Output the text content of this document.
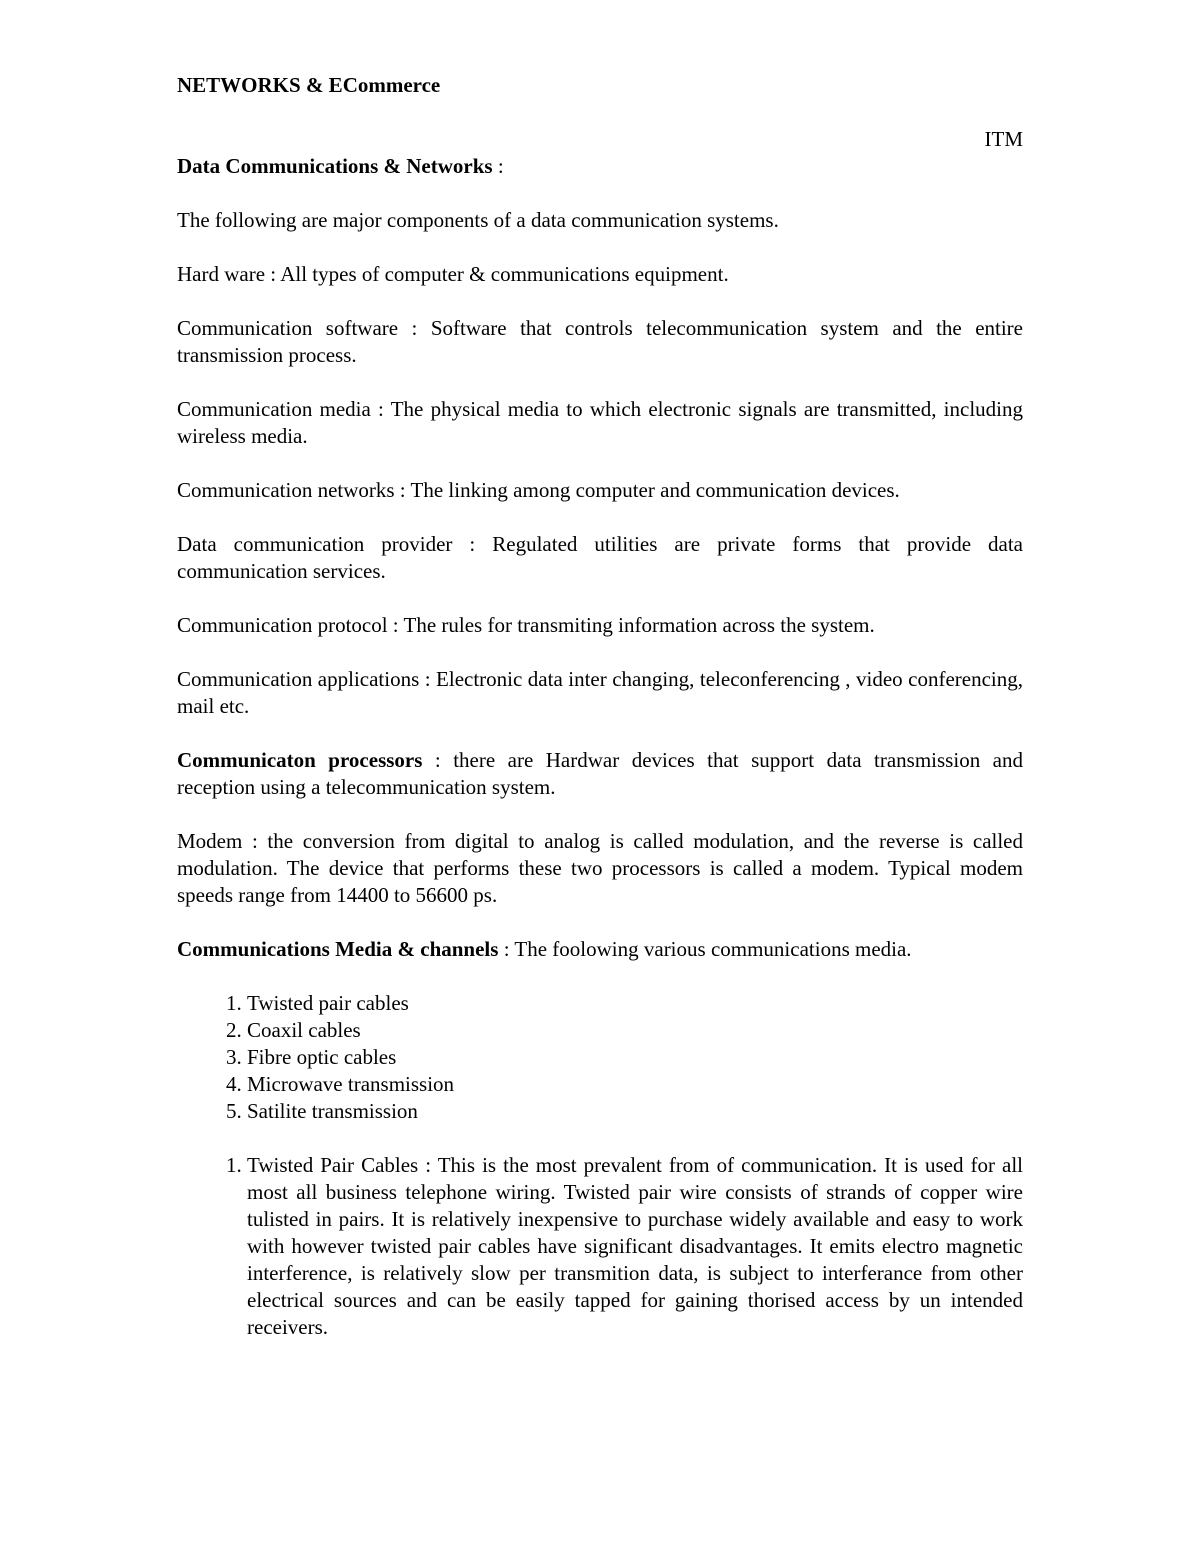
NETWORKS & ECommerce
ITM
Data Communications & Networks :

The following are major components of a data communication systems.

Hard ware : All types of computer & communications equipment.

Communication software : Software that controls telecommunication system and the entire transmission process.

Communication media : The physical media to which electronic signals are transmitted, including wireless media.

Communication networks : The linking among computer and communication devices.

Data communication provider : Regulated utilities are private forms that provide data communication services.

Communication protocol : The rules for transmiting information across the system.

Communication applications : Electronic data inter changing, teleconferencing , video conferencing, mail etc.

Communicaton processors : there are Hardwar devices that support data transmission and reception using a telecommunication system.

Modem : the conversion from digital to analog is called modulation, and the reverse is called modulation. The device that performs these two processors is called a modem. Typical modem speeds range from 14400 to 56600 ps.

Communications Media & channels : The foolowing various communications media.

1. Twisted pair cables
2. Coaxil cables
3. Fibre optic cables
4. Microwave transmission
5. Satilite transmission
1. Twisted Pair Cables : This is the most prevalent from of communication. It is used for all most all business telephone wiring. Twisted pair wire consists of strands of copper wire tulisted in pairs. It is relatively inexpensive to purchase widely available and easy to work with however twisted pair cables have significant disadvantages. It emits electro magnetic interference, is relatively slow per transmition data, is subject to interferance from other electrical sources and can be easily tapped for gaining thorised access by un intended receivers.
